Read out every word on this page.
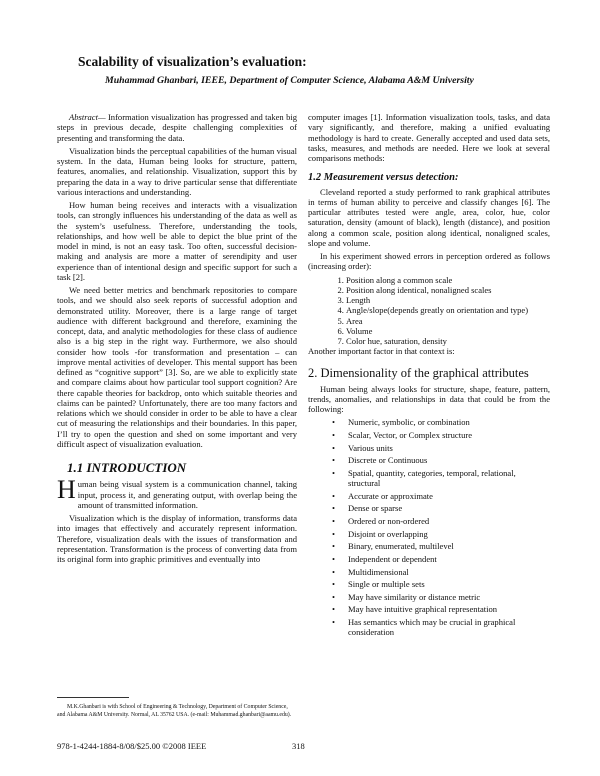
Scalability of visualization’s evaluation:
Muhammad Ghanbari, IEEE, Department of Computer Science, Alabama A&M University

Abstract— Information visualization has progressed and taken big steps in previous decade, despite challenging complexities of presenting and transforming the data.

Visualization binds the perceptual capabilities of the human visual system. In the data, Human being looks for structure, pattern, features, anomalies, and relationship. Visualization, support this by preparing the data in a way to drive particular sense that differentiate various interactions and understanding.

How human being receives and interacts with a visualization tools, can strongly influences his understanding of the data as well as the system’s usefulness. Therefore, understanding the tools, relationships, and how well be able to depict the blue print of the model in mind, is not an easy task. Too often, successful decision-making and analysis are more a matter of serendipity and user experience than of intentional design and specific support for such a task [2].

We need better metrics and benchmark repositories to compare tools, and we should also seek reports of successful adoption and demonstrated utility. Moreover, there is a large range of target audience with different background and therefore, examining the concept, data, and analytic methodologies for these class of audience also is a big step in the right way. Furthermore, we also should consider how tools -for transformation and presentation – can improve mental activities of developer. This mental support has been defined as “cognitive support” [3]. So, are we able to explicitly state and compare claims about how particular tool support cognition? Are there capable theories for backdrop, onto which suitable theories and claims can be painted? Unfortunately, there are too many factors and relations which we should consider in order to be able to have a clear cut of measuring the relationships and their boundaries. In this paper, I’ll try to open the question and shed on some important and very difficult aspect of visualization evaluation.

1.1 INTRODUCTION

Human being visual system is a communication channel, taking input, process it, and generating output, with overlap being the amount of transmitted information.

Visualization which is the display of information, transforms data into images that effectively and accurately represent information. Therefore, visualization deals with the issues of transformation and representation. Transformation is the process of converting data from its original form into graphic primitives and eventually into

M.K.Ghanbari is with School of Engineering & Technology, Department of Computer Science, and Alabama A&M University. Normal, AL 35762 USA. (e-mail: Muhammad.ghanbari@aamu.edu).

computer images [1]. Information visualization tools, tasks, and data vary significantly, and therefore, making a unified evaluating methodology is hard to create. Generally accepted and used data sets, tasks, measures, and methods are needed. Here we look at several comparisons methods:

1.2 Measurement versus detection:

Cleveland reported a study performed to rank graphical attributes in terms of human ability to perceive and classify changes [6]. The particular attributes tested were angle, area, color, hue, color saturation, density (amount of black), length (distance), and position along a common scale, position along identical, nonaligned scales, slope and volume.

In his experiment showed errors in perception ordered as follows (increasing order):

1. Position along a common scale
2. Position along identical, nonaligned scales
3. Length
4. Angle/slope(depends greatly on orientation and type)
5. Area
6. Volume
7. Color hue, saturation, density

Another important factor in that context is:

2. Dimensionality of the graphical attributes

Human being always looks for structure, shape, feature, pattern, trends, anomalies, and relationships in data that could be from the following:

• Numeric, symbolic, or combination
• Scalar, Vector, or Complex structure
• Various units
• Discrete or Continuous
• Spatial, quantity, categories, temporal, relational, structural
• Accurate or approximate
• Dense or sparse
• Ordered or non-ordered
• Disjoint or overlapping
• Binary, enumerated, multilevel
• Independent or dependent
• Multidimensional
• Single or multiple sets
• May have similarity or distance metric
• May have intuitive graphical representation
• Has semantics which may be crucial in graphical consideration
978-1-4244-1884-8/08/$25.00 ©2008 IEEE	318
